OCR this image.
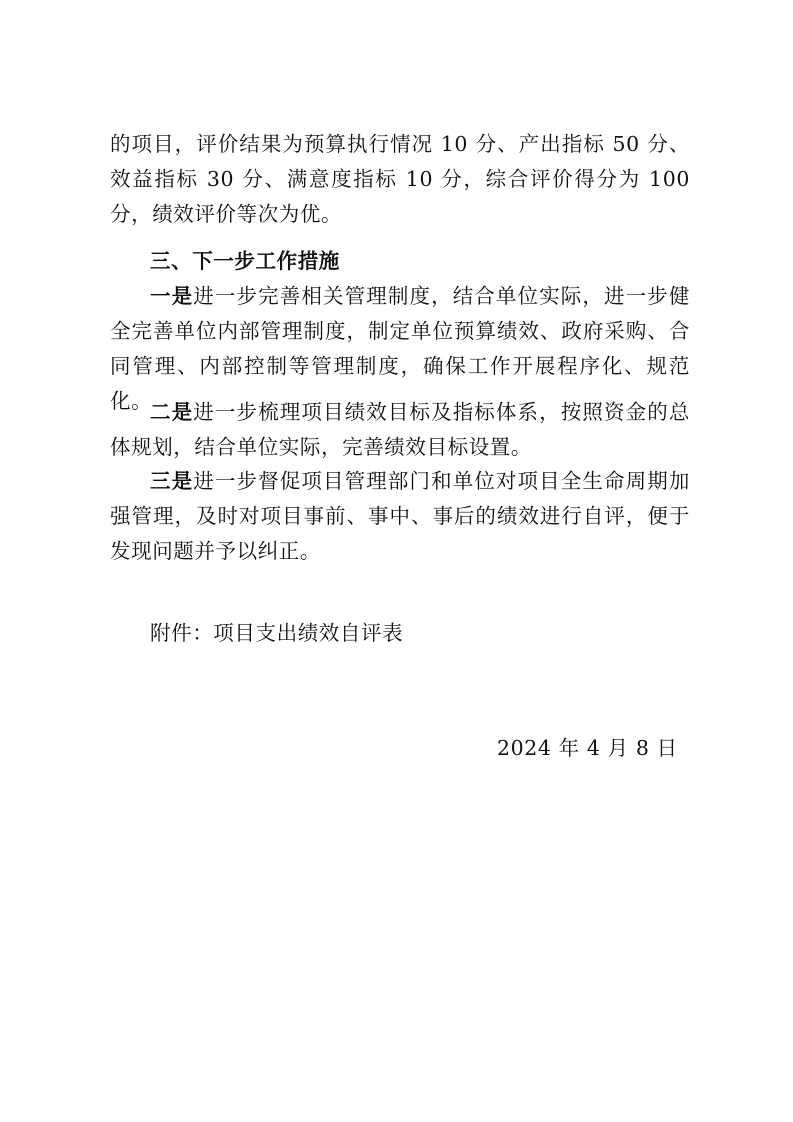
的项目，评价结果为预算执行情况 10 分、产出指标 50 分、效益指标 30 分、满意度指标 10 分，综合评价得分为 100 分，绩效评价等次为优。
三、下一步工作措施
一是进一步完善相关管理制度，结合单位实际，进一步健全完善单位内部管理制度，制定单位预算绩效、政府采购、合同管理、内部控制等管理制度，确保工作开展程序化、规范化。
二是进一步梳理项目绩效目标及指标体系，按照资金的总体规划，结合单位实际，完善绩效目标设置。
三是进一步督促项目管理部门和单位对项目全生命周期加强管理，及时对项目事前、事中、事后的绩效进行自评，便于发现问题并予以纠正。
附件：项目支出绩效自评表
2024 年 4 月 8 日
